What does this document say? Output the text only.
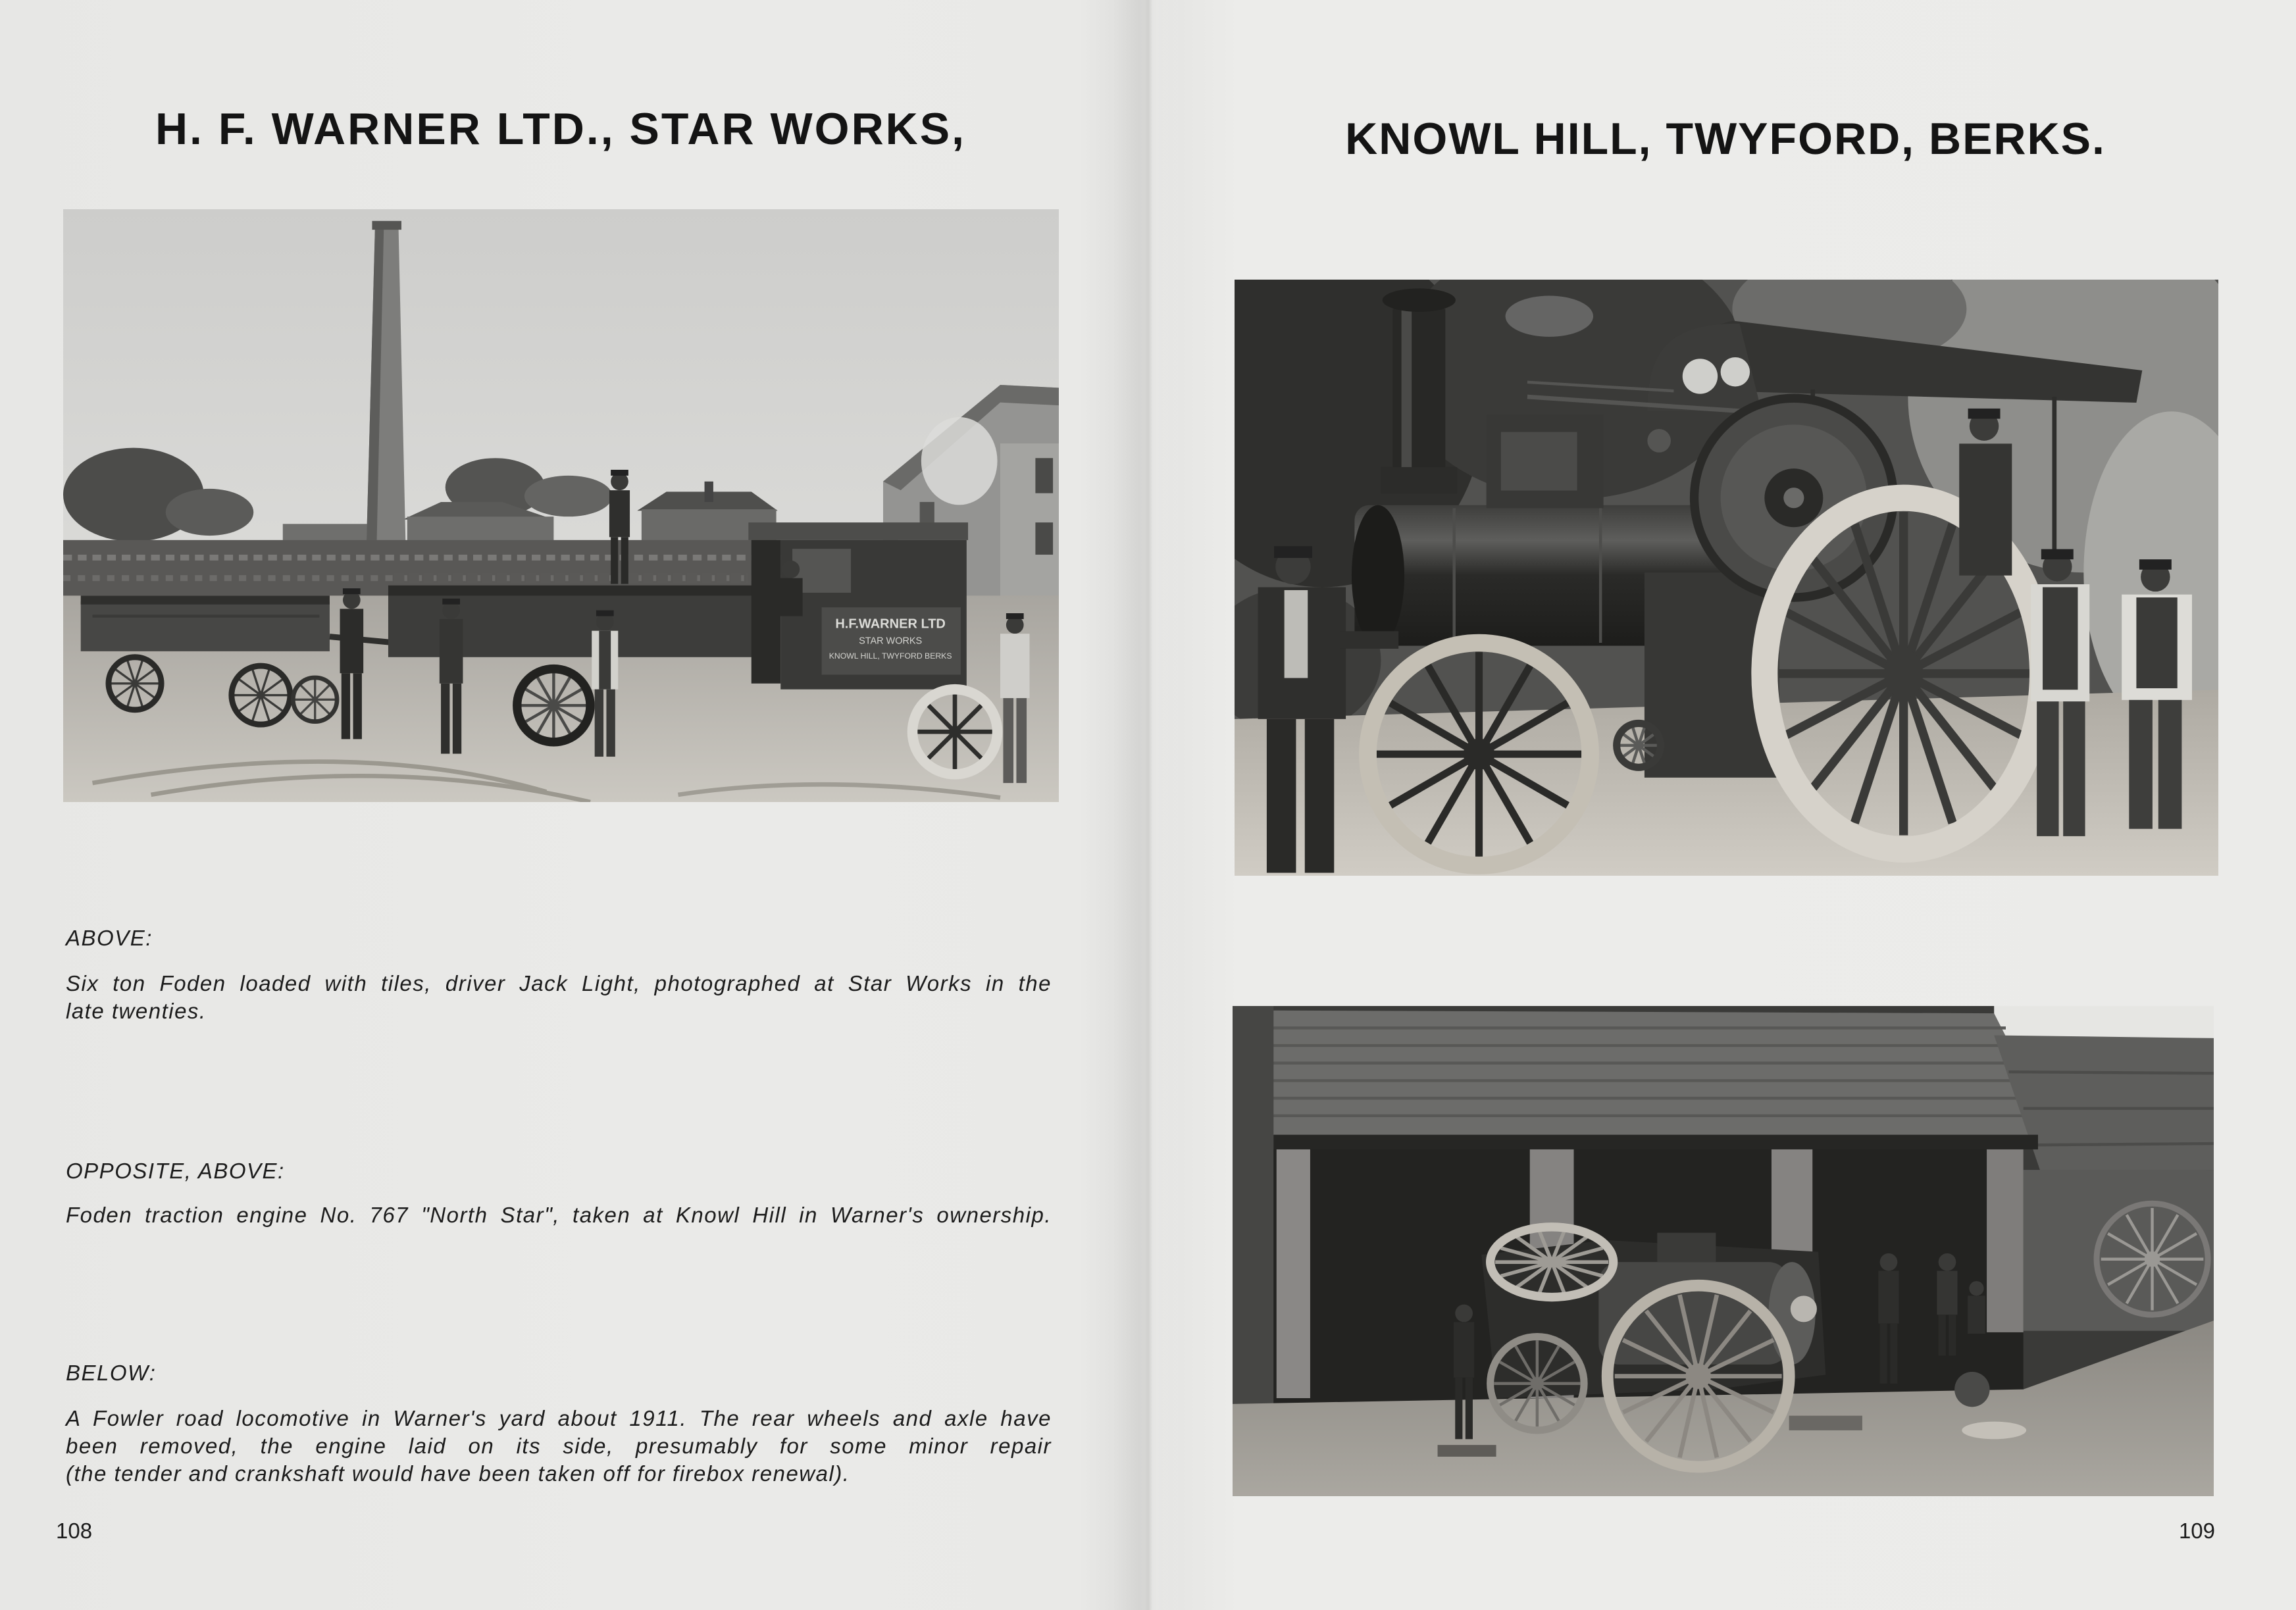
H. F. WARNER LTD., STAR WORKS,	KNOWL HILL, TWYFORD, BERKS.
H.F.WARNER LTD
STAR WORKS
KNOWL HILL, TWYFORD BERKS
ABOVE:
Six ton Foden loaded with tiles, driver Jack Light, photographed at Star Works in the
late twenties.
OPPOSITE, ABOVE:
Foden traction engine No. 767 "North Star", taken at Knowl Hill in Warner's ownership.
BELOW:
A Fowler road locomotive in Warner's yard about 1911. The rear wheels and axle have
been removed, the engine laid on its side, presumably for some minor repair
(the tender and crankshaft would have been taken off for firebox renewal).
108	109
